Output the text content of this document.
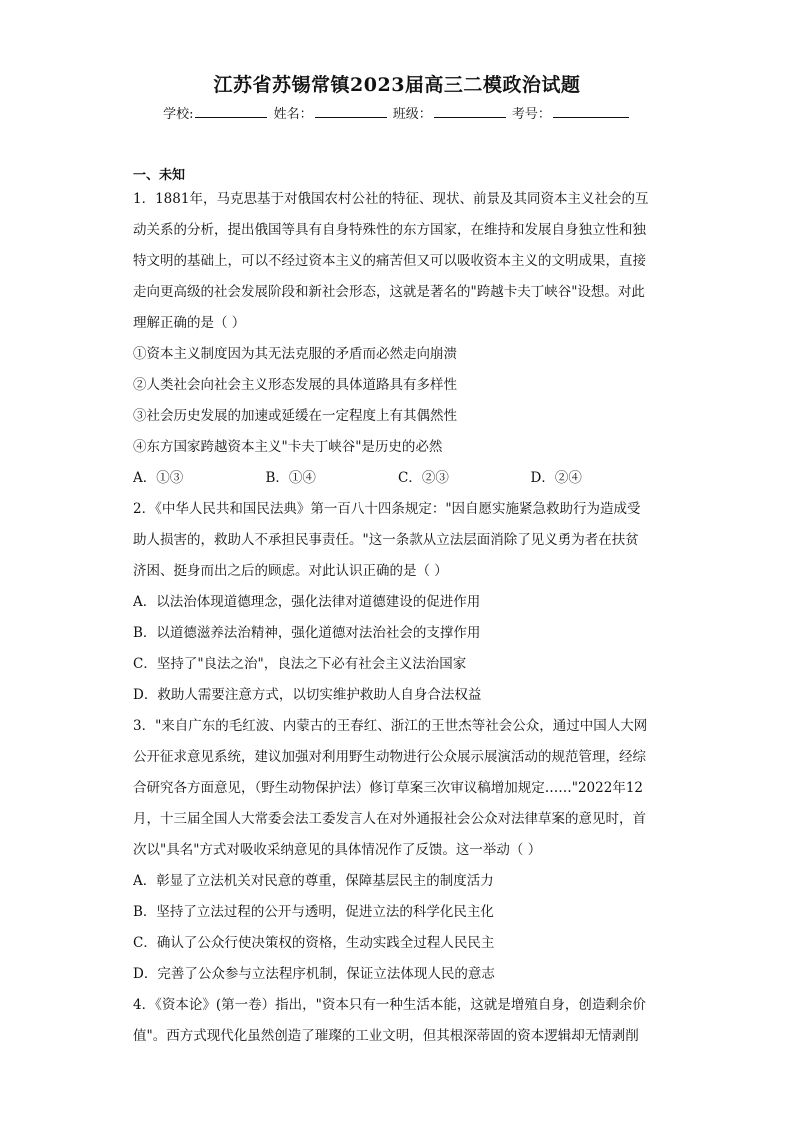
江苏省苏锡常镇2023届高三二模政治试题
学校:	姓名：	班级：	考号：
一、未知
1．1881年，马克思基于对俄国农村公社的特征、现状、前景及其同资本主义社会的互
动关系的分析，提出俄国等具有自身特殊性的东方国家，在维持和发展自身独立性和独
特文明的基础上，可以不经过资本主义的痛苦但又可以吸收资本主义的文明成果，直接
走向更高级的社会发展阶段和新社会形态，这就是著名的"跨越卡夫丁峡谷"设想。对此
理解正确的是（ ）
①资本主义制度因为其无法克服的矛盾而必然走向崩溃
②人类社会向社会主义形态发展的具体道路具有多样性
③社会历史发展的加速或延缓在一定程度上有其偶然性
④东方国家跨越资本主义"卡夫丁峡谷"是历史的必然
A．①③	B．①④	C．②③	D．②④
2．《中华人民共和国民法典》第一百八十四条规定："因自愿实施紧急救助行为造成受
助人损害的，救助人不承担民事责任。"这一条款从立法层面消除了见义勇为者在扶贫
济困、挺身而出之后的顾虑。对此认识正确的是（ ）
A．以法治体现道德理念，强化法律对道德建设的促进作用
B．以道德滋养法治精神，强化道德对法治社会的支撑作用
C．坚持了"良法之治"，良法之下必有社会主义法治国家
D．救助人需要注意方式，以切实维护救助人自身合法权益
3．"来自广东的毛红波、内蒙古的王春红、浙江的王世杰等社会公众，通过中国人大网
公开征求意见系统，建议加强对利用野生动物进行公众展示展演活动的规范管理，经综
合研究各方面意见，（野生动物保护法）修订草案三次审议稿增加规定……"2022年12
月，十三届全国人大常委会法工委发言人在对外通报社会公众对法律草案的意见时，首
次以"具名"方式对吸收采纳意见的具体情况作了反馈。这一举动（ ）
A．彰显了立法机关对民意的尊重，保障基层民主的制度活力
B．坚持了立法过程的公开与透明，促进立法的科学化民主化
C．确认了公众行使决策权的资格，生动实践全过程人民民主
D．完善了公众参与立法程序机制，保证立法体现人民的意志
4．《资本论》(第一卷）指出，"资本只有一种生活本能，这就是增殖自身，创造剩余价
值"。西方式现代化虽然创造了璀璨的工业文明，但其根深蒂固的资本逻辑却无情剥削
